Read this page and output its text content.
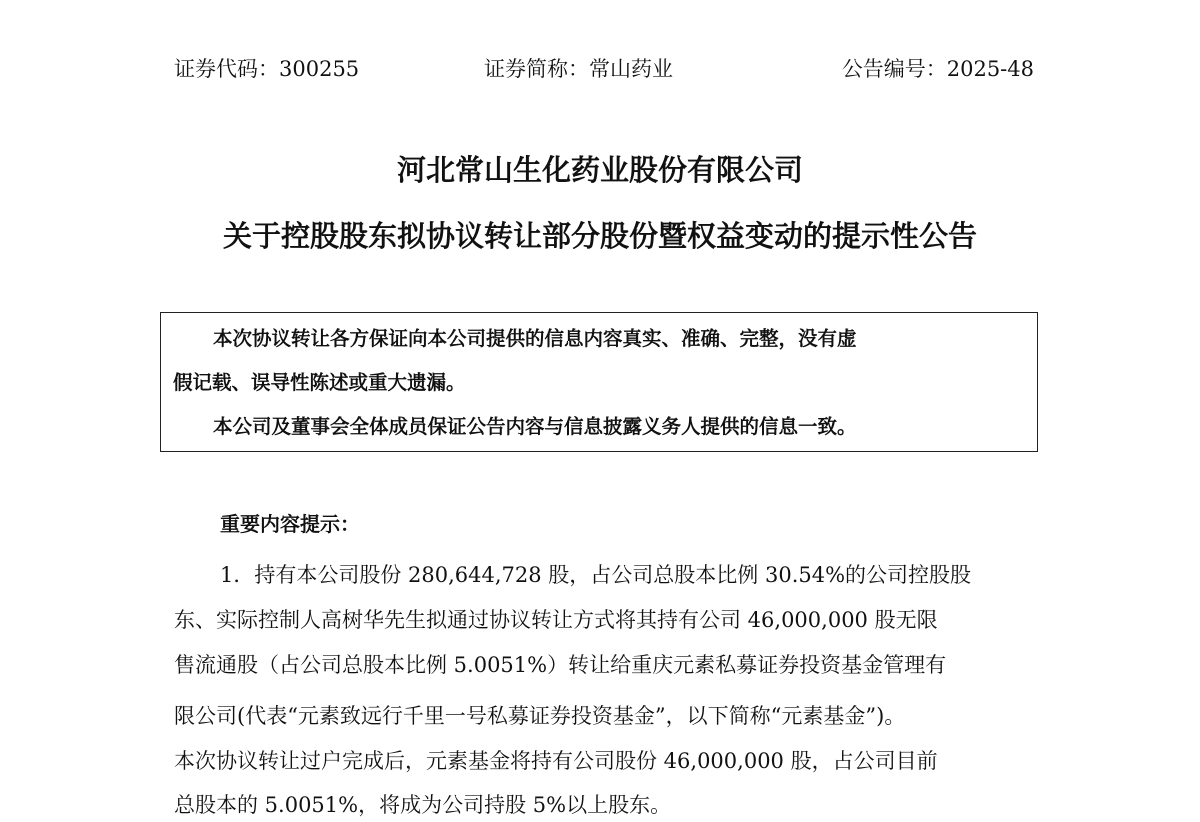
证券代码：300255	证券简称：常山药业	公告编号：2025-48
河北常山生化药业股份有限公司
关于控股股东拟协议转让部分股份暨权益变动的提示性公告
本次协议转让各方保证向本公司提供的信息内容真实、准确、完整，没有虚
假记载、误导性陈述或重大遗漏。
本公司及董事会全体成员保证公告内容与信息披露义务人提供的信息一致。
重要内容提示：
1．持有本公司股份 280,644,728 股，占公司总股本比例 30.54%的公司控股股
东、实际控制人高树华先生拟通过协议转让方式将其持有公司 46,000,000 股无限
售流通股（占公司总股本比例 5.0051%）转让给重庆元素私募证券投资基金管理有
限公司(代表“元素致远行千里一号私募证券投资基金”，以下简称“元素基金”)。
本次协议转让过户完成后，元素基金将持有公司股份 46,000,000 股，占公司目前
总股本的 5.0051%，将成为公司持股 5%以上股东。
